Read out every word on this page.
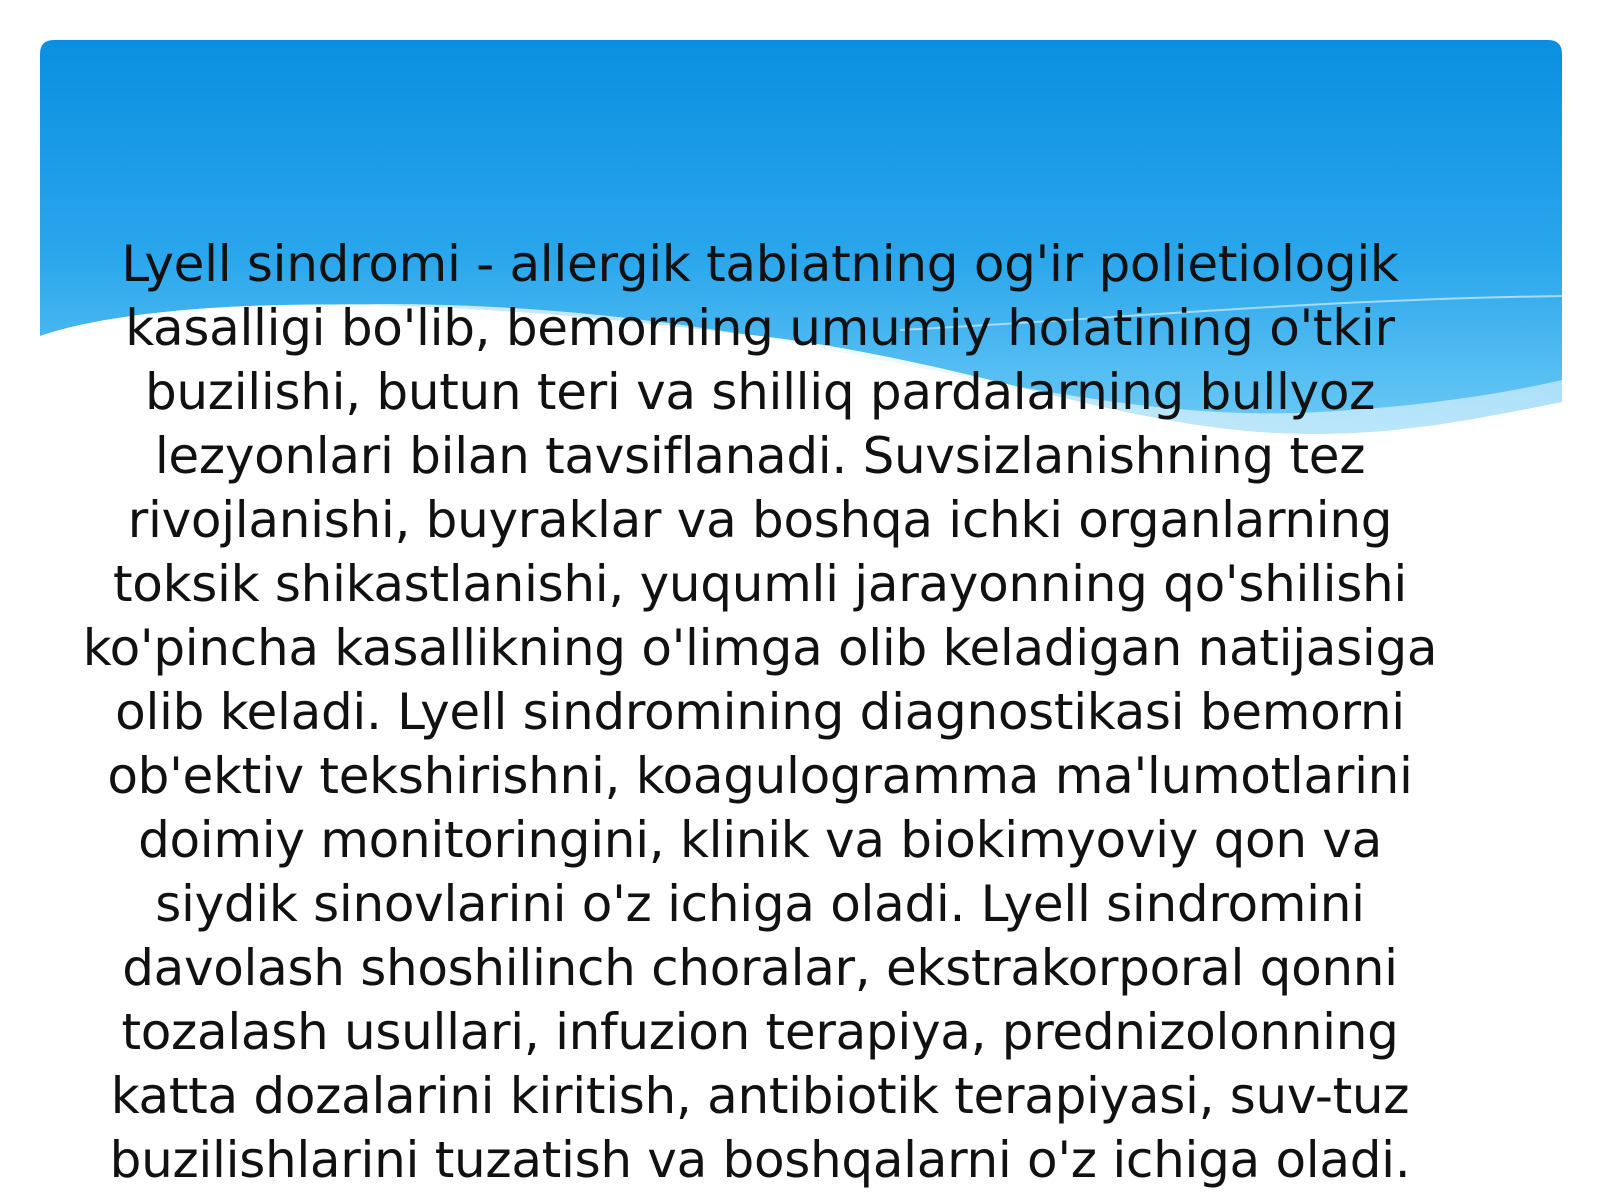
Lyell sindromi - allergik tabiatning og'ir polietiologik kasalligi bo'lib, bemorning umumiy holatining o'tkir buzilishi, butun teri va shilliq pardalarning bullyoz lezyonlari bilan tavsiflanadi. Suvsizlanishning tez rivojlanishi, buyraklar va boshqa ichki organlarning toksik shikastlanishi, yuqumli jarayonning qo'shilishi ko'pincha kasallikning o'limga olib keladigan natijasiga olib keladi. Lyell sindromining diagnostikasi bemorni ob'ektiv tekshirishni, koagulogramma ma'lumotlarini doimiy monitoringini, klinik va biokimyoviy qon va siydik sinovlarini o'z ichiga oladi. Lyell sindromini davolash shoshilinch choralar, ekstrakorporal qonni tozalash usullari, infuzion terapiya, prednizolonning katta dozalarini kiritish, antibiotik terapiyasi, suv-tuz buzilishlarini tuzatish va boshqalarni o'z ichiga oladi.
